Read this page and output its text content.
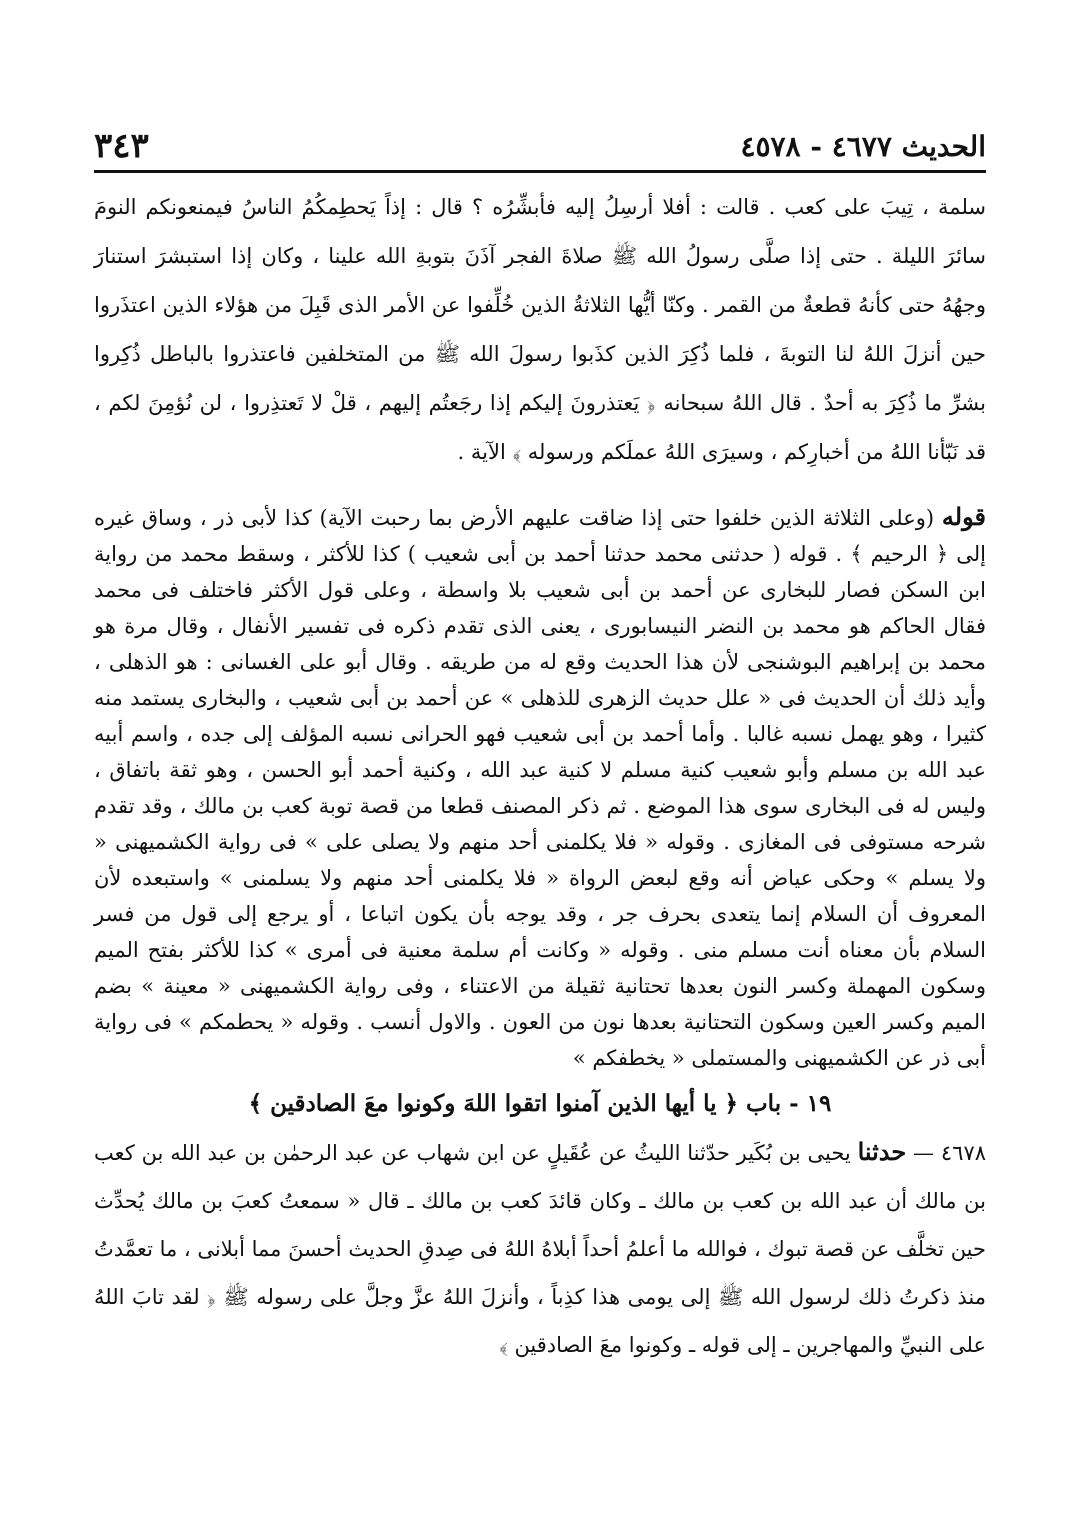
الحديث ٤٦٧٧ - ٤٥٧٨
٣٤٣
سلمة ، تِيبَ على كعب . قالت : أفلا أرسِلُ إليه فأبشِّرُه ؟ قال : إذاً يَحطِمكُمُ الناسُ فيمنعونكم النومَ سائرَ الليلة . حتى إذا صلَّى رسولُ الله ﷺ صلاةَ الفجر آذَنَ بتوبةِ الله علينا ، وكان إذا استبشرَ استنارَ وجهُهُ حتى كأنهُ قطعةٌ من القمر . وكنّا أيُّها الثلاثةُ الذين خُلِّفوا عن الأمر الذى قَبِلَ من هؤلاء الذين اعتذَروا حين أنزلَ اللهُ لنا التوبةَ ، فلما ذُكِرَ الذين كذَبوا رسولَ الله ﷺ من المتخلفين فاعتذروا بالباطل ذُكِروا بشرِّ ما ذُكِرَ به أحدٌ . قال اللهُ سبحانه ﴿ يَعتذرونَ إليكم إذا رجَعتُم إليهم ، قلْ لا تَعتذِروا ، لن نُؤمِنَ لكم ، قد نَبّأنا اللهُ من أخبارِكم ، وسيرَى اللهُ عملَكم ورسوله ﴾ الآية .
قوله (وعلى الثلاثة الذين خلفوا حتى إذا ضاقت عليهم الأرض بما رحبت الآية) كذا لأبى ذر ، وساق غيره إلى ﴿ الرحيم ﴾ . قوله ( حدثنى محمد حدثنا أحمد بن أبى شعيب ) كذا للأكثر ، وسقط محمد من رواية ابن السكن فصار للبخارى عن أحمد بن أبى شعيب بلا واسطة ، وعلى قول الأكثر فاختلف فى محمد فقال الحاكم هو محمد بن النضر النيسابورى ، يعنى الذى تقدم ذكره فى تفسير الأنفال ، وقال مرة هو محمد بن إبراهيم البوشنجى لأن هذا الحديث وقع له من طريقه . وقال أبو على الغسانى : هو الذهلى ، وأيد ذلك أن الحديث فى « علل حديث الزهرى للذهلى » عن أحمد بن أبى شعيب ، والبخارى يستمد منه كثيرا ، وهو يهمل نسبه غالبا . وأما أحمد بن أبى شعيب فهو الحرانى نسبه المؤلف إلى جده ، واسم أبيه عبد الله بن مسلم وأبو شعيب كنية مسلم لا كنية عبد الله ، وكنية أحمد أبو الحسن ، وهو ثقة باتفاق ، وليس له فى البخارى سوى هذا الموضع . ثم ذكر المصنف قطعا من قصة توبة كعب بن مالك ، وقد تقدم شرحه مستوفى فى المغازى . وقوله « فلا يكلمنى أحد منهم ولا يصلى على » فى رواية الكشميهنى « ولا يسلم » وحكى عياض أنه وقع لبعض الرواة « فلا يكلمنى أحد منهم ولا يسلمنى » واستبعده لأن المعروف أن السلام إنما يتعدى بحرف جر ، وقد يوجه بأن يكون اتباعا ، أو يرجع إلى قول من فسر السلام بأن معناه أنت مسلم منى . وقوله « وكانت أم سلمة معنية فى أمرى » كذا للأكثر بفتح الميم وسكون المهملة وكسر النون بعدها تحتانية ثقيلة من الاعتناء ، وفى رواية الكشميهنى « معينة » بضم الميم وكسر العين وسكون التحتانية بعدها نون من العون . والاول أنسب . وقوله « يحطمكم » فى رواية أبى ذر عن الكشميهنى والمستملى « يخطفكم »
١٩ - باب ﴿ يا أيها الذين آمنوا اتقوا اللهَ وكونوا معَ الصادقين ﴾
٤٦٧٨ — حدثنا يحيى بن بُكَير حدّثنا الليثُ عن عُقَيلٍ عن ابن شهاب عن عبد الرحمٰن بن عبد الله بن كعب بن مالك أن عبد الله بن كعب بن مالك ـ وكان قائدَ كعب بن مالك ـ قال « سمعتُ كعبَ بن مالك يُحدِّث حين تخلَّف عن قصة تبوك ، فوالله ما أعلمُ أحداً أبلاهُ اللهُ فى صِدقِ الحديث أحسنَ مما أبلانى ، ما تعمَّدتُ منذ ذكرتُ ذلك لرسول الله ﷺ إلى يومى هذا كذِباً ، وأنزلَ اللهُ عزَّ وجلَّ على رسوله ﷺ ﴿ لقد تابَ اللهُ على النبيِّ والمهاجرين ـ إلى قوله ـ وكونوا معَ الصادقين ﴾
